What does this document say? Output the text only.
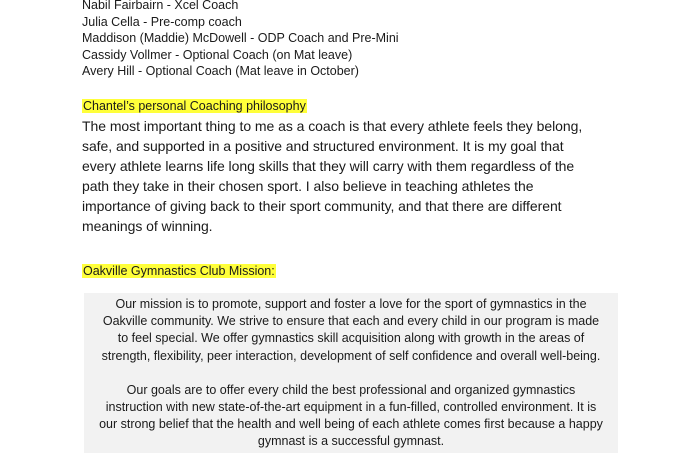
Nabil Fairbairn - Xcel Coach
Julia Cella - Pre-comp coach
Maddison (Maddie) McDowell - ODP Coach and Pre-Mini
Cassidy Vollmer - Optional Coach (on Mat leave)
Avery Hill - Optional Coach (Mat leave in October)
Chantel’s personal Coaching philosophy

The most important thing to me as a coach is that every athlete feels they belong,
safe, and supported in a positive and structured environment. It is my goal that
every athlete learns life long skills that they will carry with them regardless of the
path they take in their chosen sport. I also believe in teaching athletes the
importance of giving back to their sport community, and that there are different
meanings of winning.

Oakville Gymnastics Club Mission:

Our mission is to promote, support and foster a love for the sport of gymnastics in the
Oakville community. We strive to ensure that each and every child in our program is made
to feel special. We offer gymnastics skill acquisition along with growth in the areas of
strength, flexibility, peer interaction, development of self confidence and overall well-being.

Our goals are to offer every child the best professional and organized gymnastics
instruction with new state-of-the-art equipment in a fun-filled, controlled environment. It is
our strong belief that the health and well being of each athlete comes first because a happy
gymnast is a successful gymnast.
